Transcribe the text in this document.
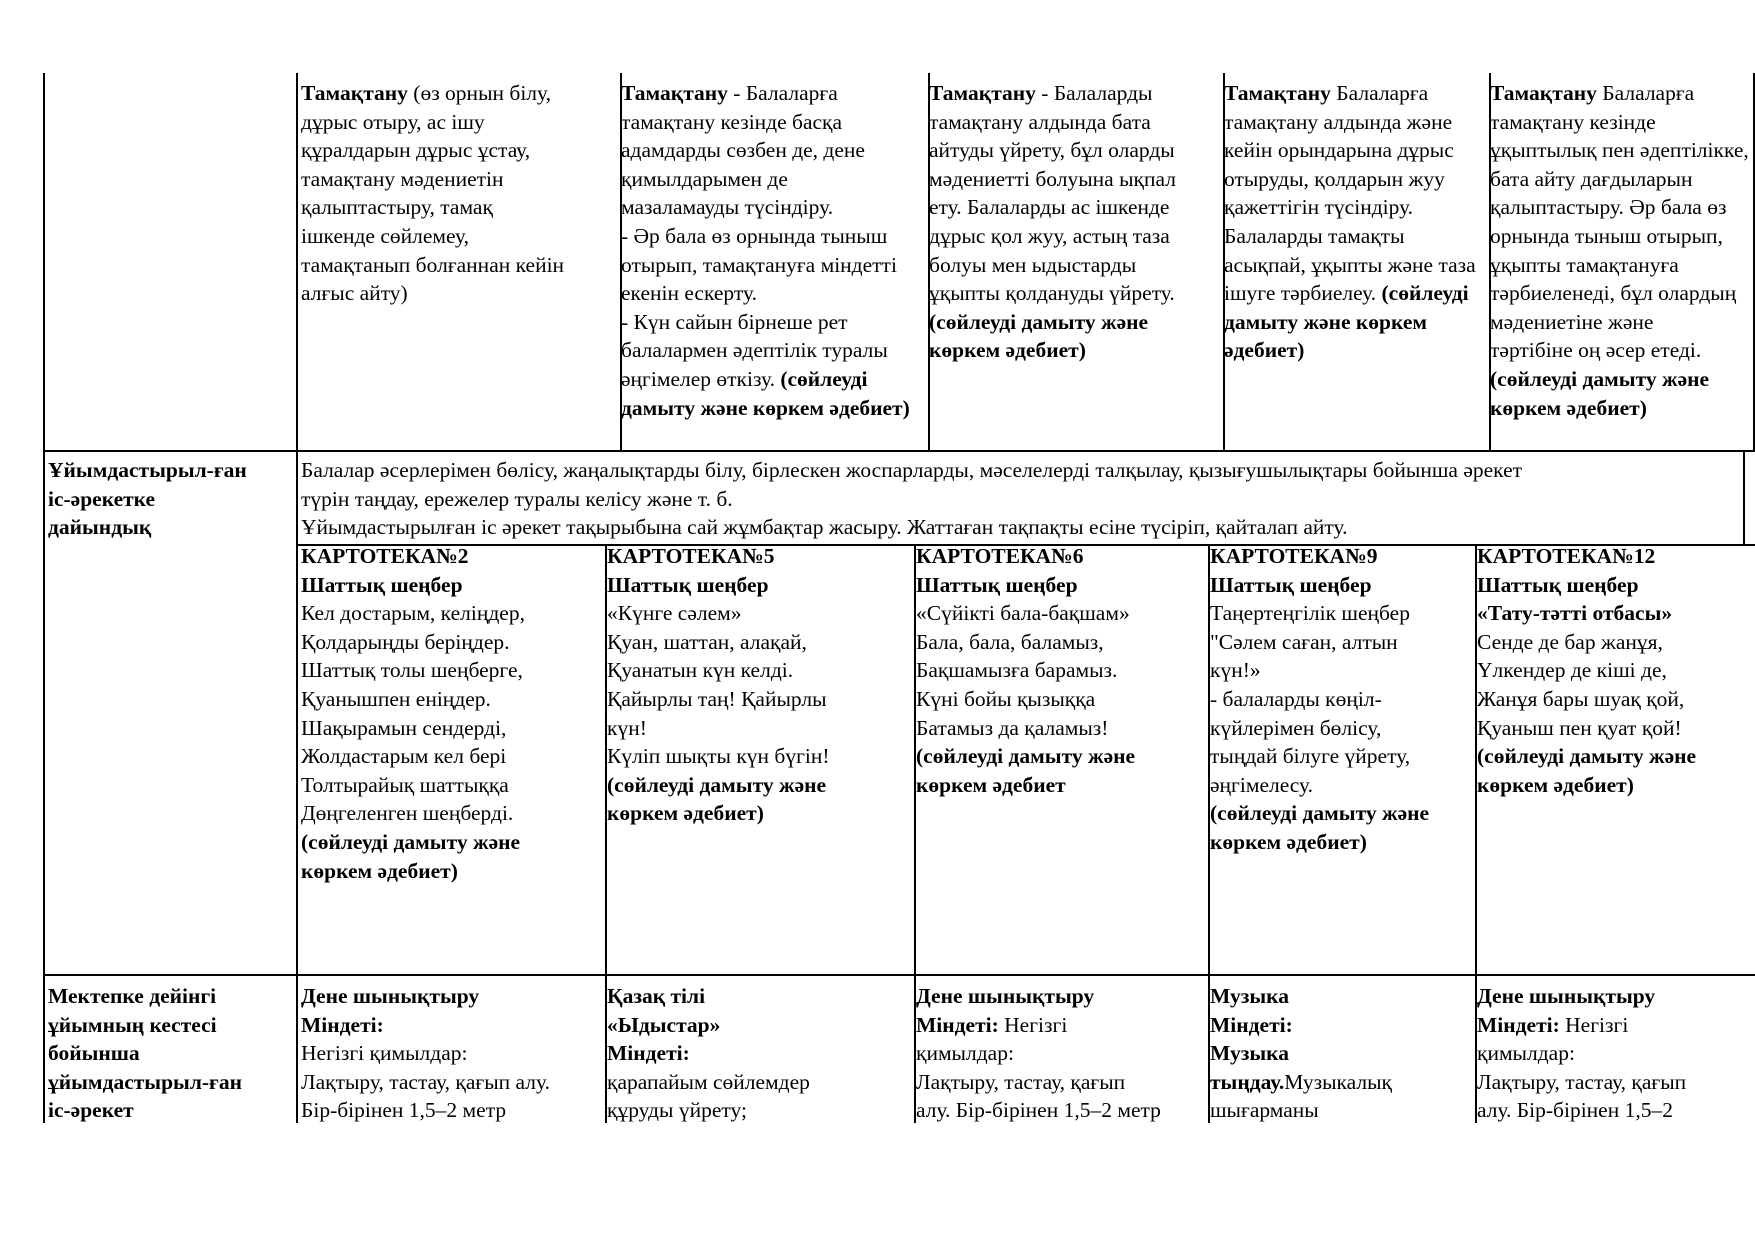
Тамақтану (өз орнын білу,
дұрыс отыру, ас ішу
құралдарын дұрыс ұстау,
тамақтану мәдениетін
қалыптастыру, тамақ
ішкенде сөйлемеу,
тамақтанып болғаннан кейін
алғыс айту)
Тамақтану - Балаларға
тамақтану кезінде басқа
адамдарды сөзбен де, дене
қимылдарымен де
мазаламауды түсіндіру.
- Әр бала өз орнында тыныш
отырып, тамақтануға міндетті
екенін ескерту.
- Күн сайын бірнеше рет
балалармен әдептілік туралы
әңгімелер өткізу. (сөйлеуді
дамыту және көркем әдебиет)
Тамақтану - Балаларды
тамақтану алдында бата
айтуды үйрету, бұл оларды
мәдениетті болуына ықпал
ету. Балаларды ас ішкенде
дұрыс қол жуу, астың таза
болуы мен ыдыстарды
ұқыпты қолдануды үйрету.
(сөйлеуді дамыту және
көркем әдебиет)
Тамақтану Балаларға
тамақтану алдында және
кейін орындарына дұрыс
отыруды, қолдарын жуу
қажеттігін түсіндіру.
Балаларды тамақты
асықпай, ұқыпты және таза
ішуге тәрбиелеу. (сөйлеуді
дамыту және көркем
әдебиет)
Тамақтану Балаларға
тамақтану кезінде
ұқыптылық пен әдептілікке,
бата айту дағдыларын
қалыптастыру. Әр бала өз
орнында тыныш отырып,
ұқыпты тамақтануға
тәрбиеленеді, бұл олардың
мәдениетіне және
тәртібіне оң әсер етеді.
(сөйлеуді дамыту және
көркем әдебиет)
Ұйымдастырыл-ған
іс-әрекетке
дайындық
Балалар әсерлерімен бөлісу, жаңалықтарды білу, бірлескен жоспарларды, мәселелерді талқылау, қызығушылықтары бойынша әрекет
түрін таңдау, ережелер туралы келісу және т. б.
Ұйымдастырылған іс әрекет тақырыбына сай жұмбақтар жасыру. Жаттаған тақпақты есіне түсіріп, қайталап айту.
КАРТОТЕКА№2
Шаттық шеңбер
Кел достарым, келіңдер,
Қолдарыңды беріңдер.
Шаттық толы шеңберге,
Қуанышпен еніңдер.
Шақырамын сендерді,
Жолдастарым кел бері
Толтырайық шаттыққа
Дөңгеленген шеңберді.
(сөйлеуді дамыту және
көркем әдебиет)
КАРТОТЕКА№5
Шаттық шеңбер
«Күнге сәлем»
Қуан, шаттан, алақай,
Қуанатын күн келді.
Қайырлы таң! Қайырлы
күн!
Күліп шықты күн бүгін!
(сөйлеуді дамыту және
көркем әдебиет)
КАРТОТЕКА№6
Шаттық шеңбер
«Сүйікті бала-бақшам»
Бала, бала, баламыз,
Бақшамызға барамыз.
Күні бойы қызыққа
Батамыз да қаламыз!
(сөйлеуді дамыту және
көркем әдебиет
КАРТОТЕКА№9
Шаттық шеңбер
Таңертеңгілік шеңбер
"Сәлем саған, алтын
күн!»
- балаларды көңіл-
күйлерімен бөлісу,
тыңдай білуге үйрету,
әңгімелесу.
(сөйлеуді дамыту және
көркем әдебиет)
КАРТОТЕКА№12
Шаттық шеңбер
«Тату-тәтті отбасы»
Сенде де бар жанұя,
Үлкендер де кіші де,
Жанұя бары шуақ қой,
Қуаныш пен қуат қой!
(сөйлеуді дамыту және
көркем әдебиет)
Мектепке дейінгі
ұйымның кестесі
бойынша
ұйымдастырыл-ған
іс-әрекет
Дене шынықтыру
Міндеті:
Негізгі қимылдар:
Лақтыру, тастау, қағып алу.
Бір-бірінен 1,5–2 метр
Қазақ тілі
«Ыдыстар»
Міндеті:
қарапайым сөйлемдер
құруды үйрету;
Дене шынықтыру
Міндеті: Негізгі
қимылдар:
Лақтыру, тастау, қағып
алу. Бір-бірінен 1,5–2 метр
Музыка
Міндеті:
Музыка
тыңдау.Музыкалық
шығарманы
Дене шынықтыру
Міндеті: Негізгі
қимылдар:
Лақтыру, тастау, қағып
алу. Бір-бірінен 1,5–2
